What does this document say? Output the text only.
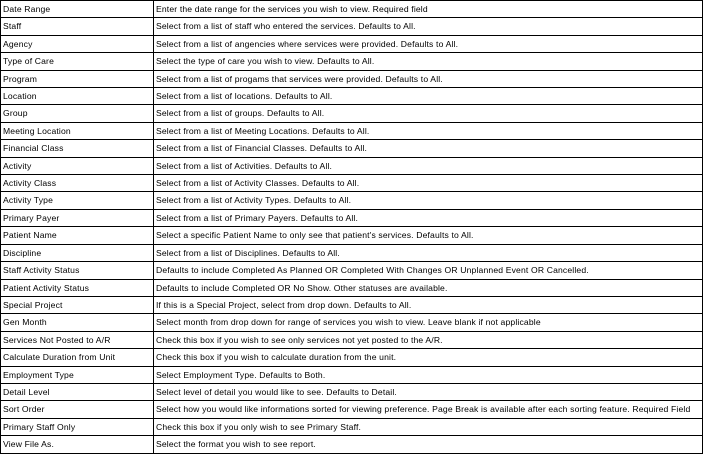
Date Range	Enter the date range for the services you wish to view. Required field
Staff	Select from a list of staff who entered the services. Defaults to All.
Agency	Select from a list of angencies where services were provided. Defaults to All.
Type of Care	Select the type of care you wish to view. Defaults to All.
Program	Select from a list of progams that services were provided. Defaults to All.
Location	Select from a list of locations. Defaults to All.
Group	Select from a list of groups. Defaults to All.
Meeting Location	Select from a list of Meeting Locations. Defaults to All.
Financial Class	Select from a list of Financial Classes. Defaults to All.
Activity	Select from a list of Activities. Defaults to All.
Activity Class	Select from a list of Activity Classes. Defaults to All.
Activity Type	Select from a list of Activity Types. Defaults to All.
Primary Payer	Select from a list of Primary Payers. Defaults to All.
Patient Name	Select a specific Patient Name to only see that patient's services. Defaults to All.
Discipline	Select from a list of Disciplines. Defaults to All.
Staff Activity Status	Defaults to include Completed As Planned OR Completed With Changes OR Unplanned Event OR Cancelled.
Patient Activity Status	Defaults to include Completed OR No Show. Other statuses are available.
Special Project	If this is a Special Project, select from drop down. Defaults to All.
Gen Month	Select month from drop down for range of services you wish to view. Leave blank if not applicable
Services Not Posted to A/R	Check this box if you wish to see only services not yet posted to the A/R.
Calculate Duration from Unit	Check this box if you wish to calculate duration from the unit.
Employment Type	Select Employment Type. Defaults to Both.
Detail Level	Select level of detail you would like to see. Defaults to Detail.
Sort Order	Select how you would like informations sorted for viewing preference. Page Break is available after each sorting feature. Required Field
Primary Staff Only	Check this box if you only wish to see Primary Staff.
View File As.	Select the format you wish to see report.
